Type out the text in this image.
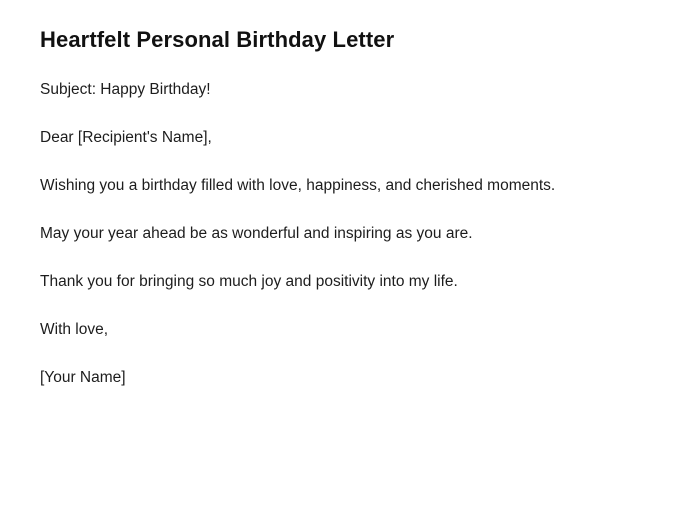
Heartfelt Personal Birthday Letter

Subject: Happy Birthday!

Dear [Recipient's Name],

Wishing you a birthday filled with love, happiness, and cherished moments.

May your year ahead be as wonderful and inspiring as you are.

Thank you for bringing so much joy and positivity into my life.

With love,

[Your Name]
